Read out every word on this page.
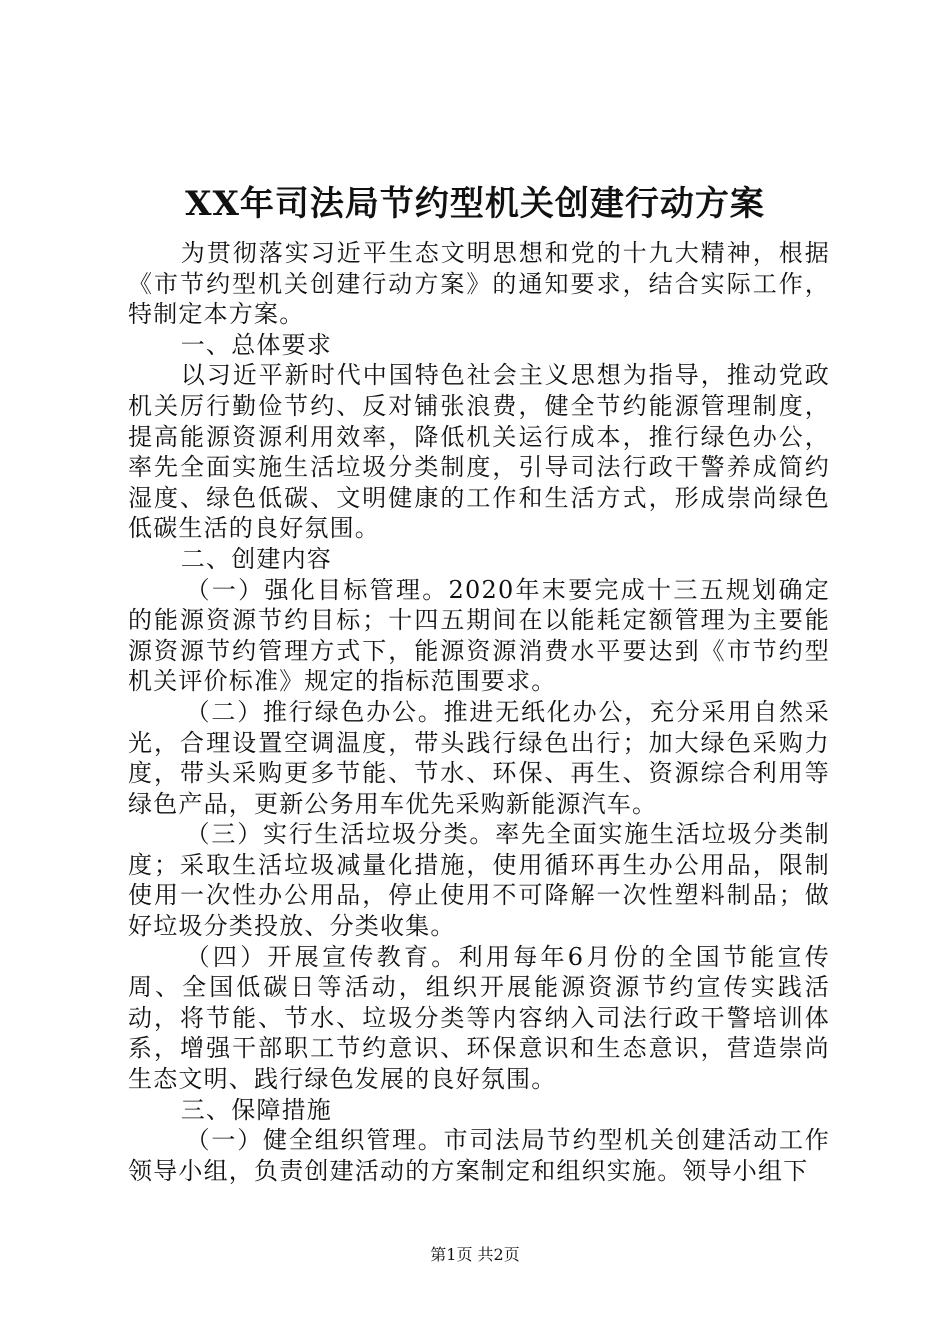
XX年司法局节约型机关创建行动方案

为贯彻落实习近平生态文明思想和党的十九大精神，根据《市节约型机关创建行动方案》的通知要求，结合实际工作，特制定本方案。

一、总体要求

以习近平新时代中国特色社会主义思想为指导，推动党政机关厉行勤俭节约、反对铺张浪费，健全节约能源管理制度，提高能源资源利用效率，降低机关运行成本，推行绿色办公，率先全面实施生活垃圾分类制度，引导司法行政干警养成简约湿度、绿色低碳、文明健康的工作和生活方式，形成崇尚绿色低碳生活的良好氛围。

二、创建内容

（一）强化目标管理。2020年末要完成十三五规划确定的能源资源节约目标；十四五期间在以能耗定额管理为主要能源资源节约管理方式下，能源资源消费水平要达到《市节约型机关评价标准》规定的指标范围要求。

（二）推行绿色办公。推进无纸化办公，充分采用自然采光，合理设置空调温度，带头践行绿色出行；加大绿色采购力度，带头采购更多节能、节水、环保、再生、资源综合利用等绿色产品，更新公务用车优先采购新能源汽车。

（三）实行生活垃圾分类。率先全面实施生活垃圾分类制度；采取生活垃圾减量化措施，使用循环再生办公用品，限制使用一次性办公用品，停止使用不可降解一次性塑料制品；做好垃圾分类投放、分类收集。

（四）开展宣传教育。利用每年6月份的全国节能宣传周、全国低碳日等活动，组织开展能源资源节约宣传实践活动，将节能、节水、垃圾分类等内容纳入司法行政干警培训体系，增强干部职工节约意识、环保意识和生态意识，营造崇尚生态文明、践行绿色发展的良好氛围。

三、保障措施

（一）健全组织管理。市司法局节约型机关创建活动工作领导小组，负责创建活动的方案制定和组织实施。领导小组下

第1页 共2页
